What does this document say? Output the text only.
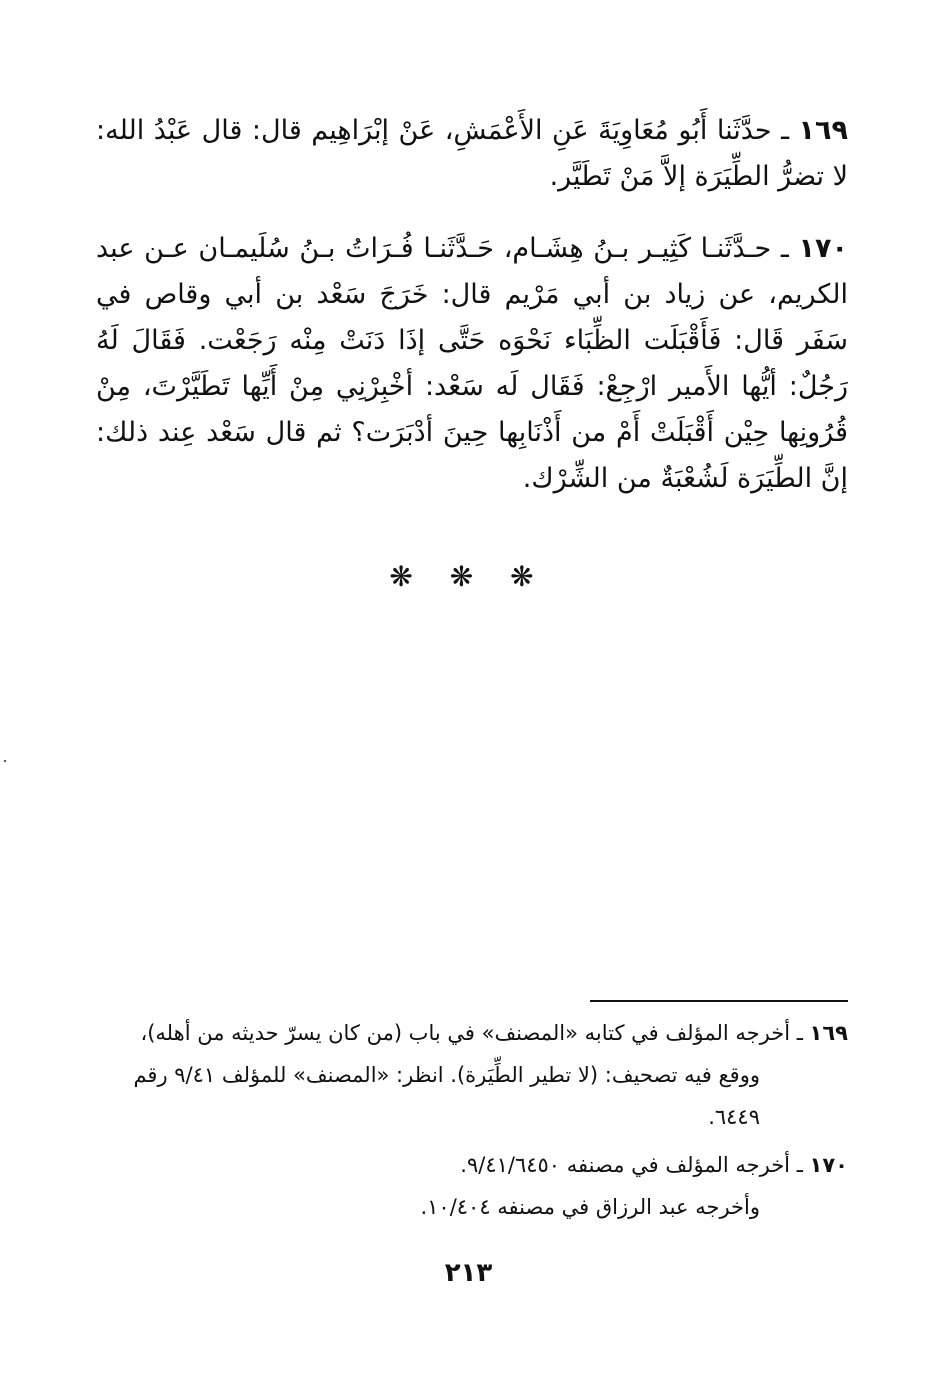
١٦٩ ـ حدَّثَنا أَبُو مُعَاوِيَةَ عَنِ الأَعْمَشِ، عَنْ إبْرَاهِيم قال: قال عَبْدُ الله: لا تضرُّ الطِّيَرَة إلاَّ مَنْ تَطَيَّر.

١٧٠ ـ حـدَّثَنـا كَثِيـر بـنُ هِشَـام، حَـدَّثَنـا فُـرَاتُ بـنُ سُلَيمـان عـن عبد الكريم، عن زياد بن أبي مَرْيم قال: خَرَجَ سَعْد بن أبي وقاص في سَفَر قَال: فَأَقْبَلَت الظِّبَاء نَحْوَه حَتَّى إذَا دَنَتْ مِنْه رَجَعْت. فَقَالَ لَهُ رَجُلٌ: أيُّها الأَمير ارْجِعْ: فَقَال لَه سَعْد: أخْبِرْنِي مِنْ أَيِّها تَطَيَّرْتَ، مِنْ قُرُونِها حِيْن أَقْبَلَتْ أَمْ من أَذْنَابِها حِينَ أدْبَرَت؟ ثم قال سَعْد عِند ذلك: إنَّ الطِّيَرَة لَشُعْبَةٌ من الشِّرْك.

❋ ❋ ❋
١٦٩ ـ أخرجه المؤلف في كتابه «المصنف» في باب (من كان يسرّ حديثه من أهله)،
ووقع فيه تصحيف: (لا تطير الطِّيَرة). انظر: «المصنف» للمؤلف ٩/٤١ رقم ٦٤٤٩.
١٧٠ ـ أخرجه المؤلف في مصنفه ٩/٤١/٦٤٥٠.
وأخرجه عبد الرزاق في مصنفه ١٠/٤٠٤.
٢١٣
